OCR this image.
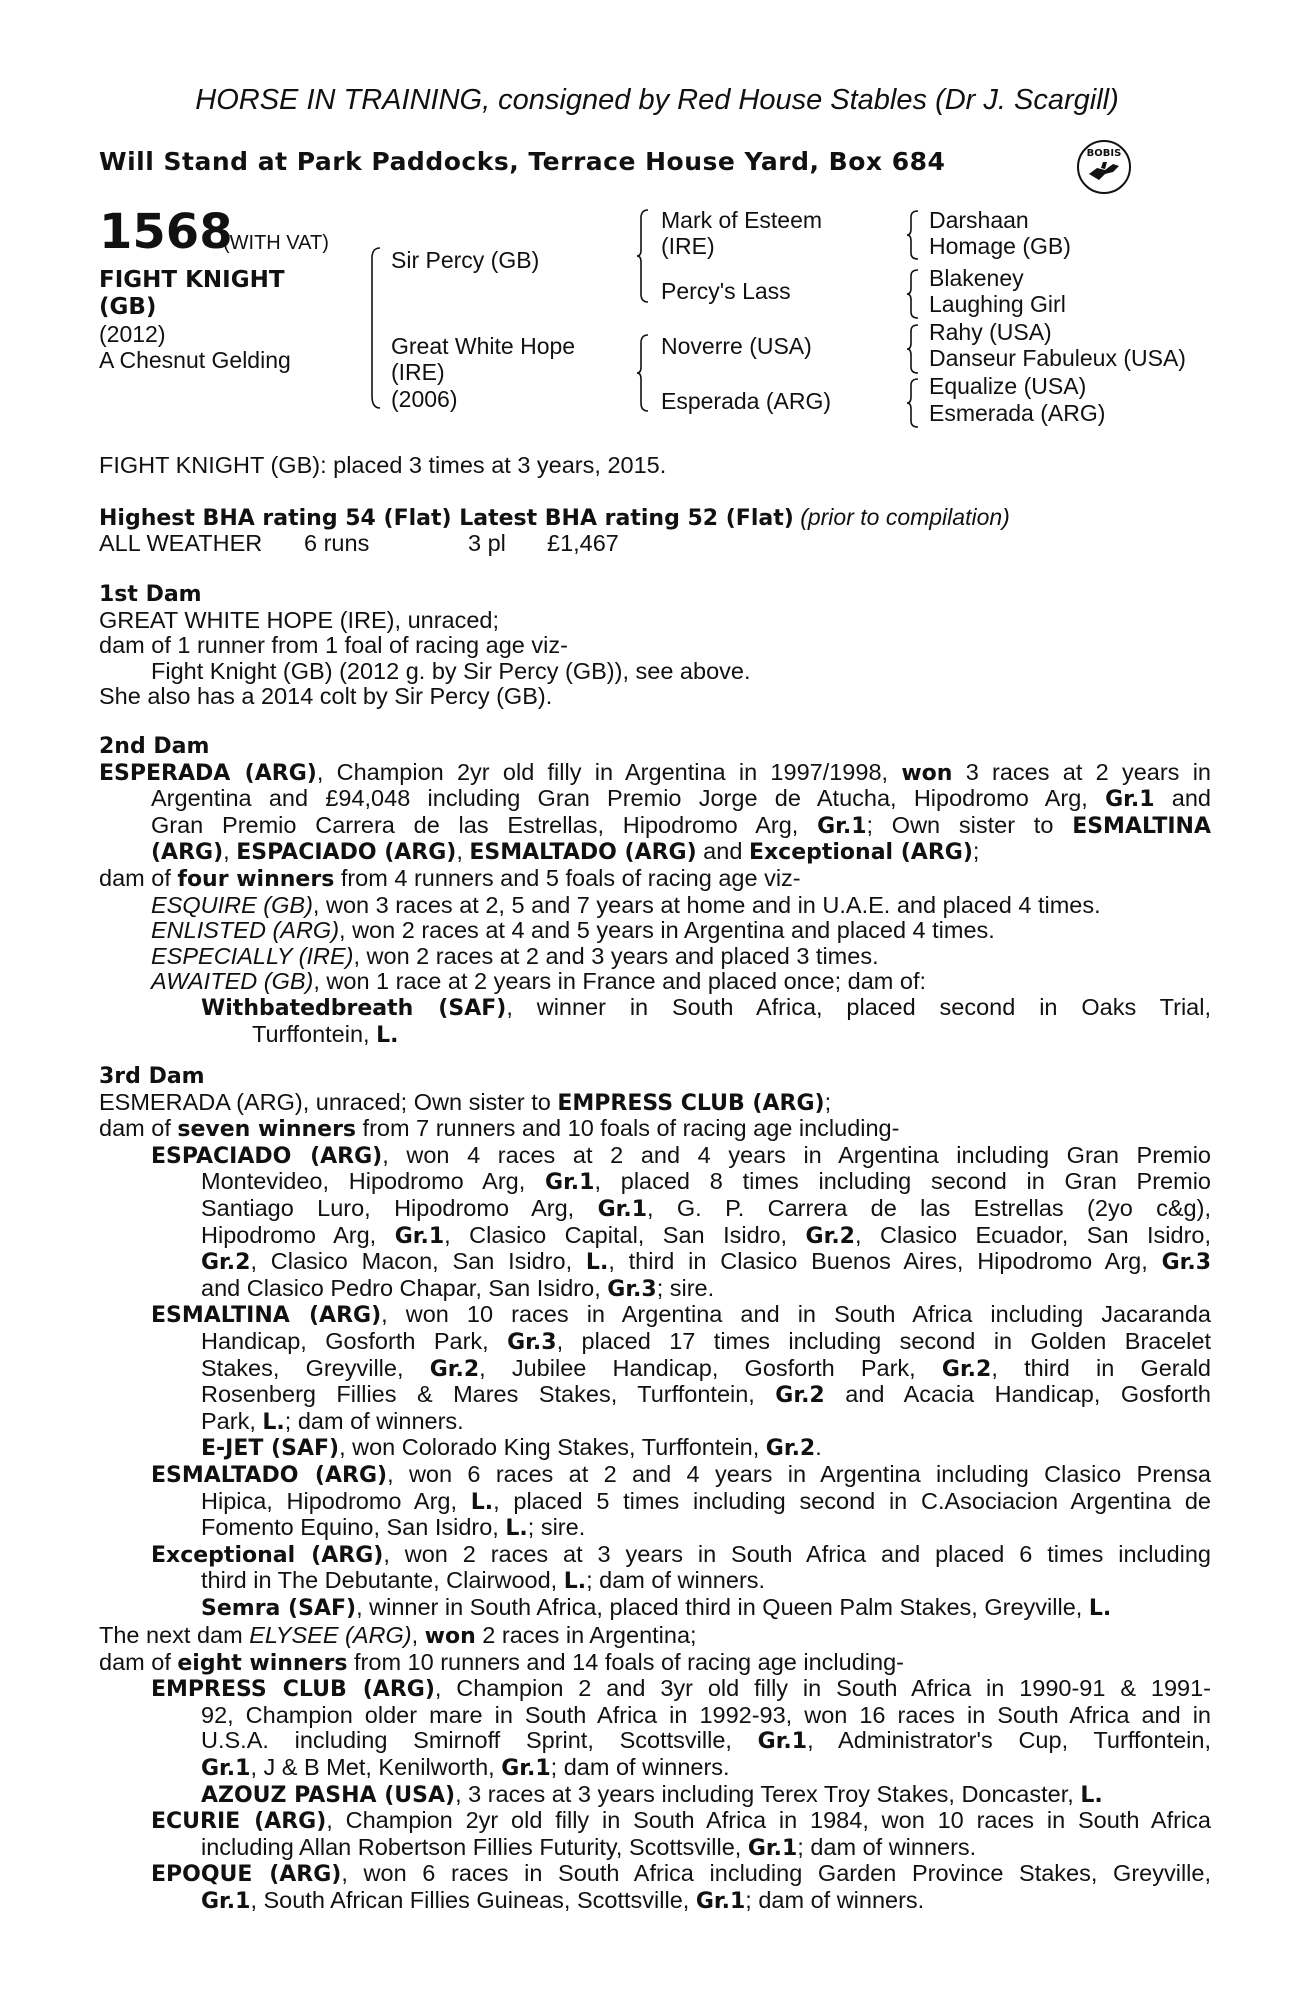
HORSE IN TRAINING, consigned by Red House Stables (Dr J. Scargill)
Will Stand at Park Paddocks, Terrace House Yard, Box 684	BOBIS
1568
(WITH VAT)
FIGHT KNIGHT
(GB)
(2012)
A Chesnut Gelding
Sir Percy (GB)
Great White Hope
(IRE)
(2006)
Mark of Esteem
(IRE)
Percy's Lass
Noverre (USA)
Esperada (ARG)
Darshaan
Homage (GB)
Blakeney
Laughing Girl
Rahy (USA)
Danseur Fabuleux (USA)
Equalize (USA)
Esmerada (ARG)
FIGHT KNIGHT (GB): placed 3 times at 3 years, 2015.
Highest BHA rating 54 (Flat) Latest BHA rating 52 (Flat) (prior to compilation)
ALL WEATHER 6 runs	3 pl £1,467

1st Dam

GREAT WHITE HOPE (IRE), unraced;

dam of 1 runner from 1 foal of racing age viz-

Fight Knight (GB) (2012 g. by Sir Percy (GB)), see above.

She also has a 2014 colt by Sir Percy (GB).

2nd Dam

ESPERADA (ARG), Champion 2yr old filly in Argentina in 1997/1998, won 3 races at 2 years in

Argentina and £94,048 including Gran Premio Jorge de Atucha, Hipodromo Arg, Gr.1 and

Gran Premio Carrera de las Estrellas, Hipodromo Arg, Gr.1; Own sister to ESMALTINA

(ARG), ESPACIADO (ARG), ESMALTADO (ARG) and Exceptional (ARG);

dam of four winners from 4 runners and 5 foals of racing age viz-

ESQUIRE (GB), won 3 races at 2, 5 and 7 years at home and in U.A.E. and placed 4 times.

ENLISTED (ARG), won 2 races at 4 and 5 years in Argentina and placed 4 times.

ESPECIALLY (IRE), won 2 races at 2 and 3 years and placed 3 times.

AWAITED (GB), won 1 race at 2 years in France and placed once; dam of:

Withbatedbreath (SAF), winner in South Africa, placed second in Oaks Trial,

Turffontein, L.

3rd Dam

ESMERADA (ARG), unraced; Own sister to EMPRESS CLUB (ARG);

dam of seven winners from 7 runners and 10 foals of racing age including-

ESPACIADO (ARG), won 4 races at 2 and 4 years in Argentina including Gran Premio

Montevideo, Hipodromo Arg, Gr.1, placed 8 times including second in Gran Premio

Santiago Luro, Hipodromo Arg, Gr.1, G. P. Carrera de las Estrellas (2yo c&g),

Hipodromo Arg, Gr.1, Clasico Capital, San Isidro, Gr.2, Clasico Ecuador, San Isidro,

Gr.2, Clasico Macon, San Isidro, L., third in Clasico Buenos Aires, Hipodromo Arg, Gr.3

and Clasico Pedro Chapar, San Isidro, Gr.3; sire.

ESMALTINA (ARG), won 10 races in Argentina and in South Africa including Jacaranda

Handicap, Gosforth Park, Gr.3, placed 17 times including second in Golden Bracelet

Stakes, Greyville, Gr.2, Jubilee Handicap, Gosforth Park, Gr.2, third in Gerald

Rosenberg Fillies & Mares Stakes, Turffontein, Gr.2 and Acacia Handicap, Gosforth

Park, L.; dam of winners.

E-JET (SAF), won Colorado King Stakes, Turffontein, Gr.2.

ESMALTADO (ARG), won 6 races at 2 and 4 years in Argentina including Clasico Prensa

Hipica, Hipodromo Arg, L., placed 5 times including second in C.Asociacion Argentina de

Fomento Equino, San Isidro, L.; sire.

Exceptional (ARG), won 2 races at 3 years in South Africa and placed 6 times including

third in The Debutante, Clairwood, L.; dam of winners.

Semra (SAF), winner in South Africa, placed third in Queen Palm Stakes, Greyville, L.

The next dam ELYSEE (ARG), won 2 races in Argentina;

dam of eight winners from 10 runners and 14 foals of racing age including-

EMPRESS CLUB (ARG), Champion 2 and 3yr old filly in South Africa in 1990-91 & 1991-

92, Champion older mare in South Africa in 1992-93, won 16 races in South Africa and in

U.S.A. including Smirnoff Sprint, Scottsville, Gr.1, Administrator's Cup, Turffontein,

Gr.1, J & B Met, Kenilworth, Gr.1; dam of winners.

AZOUZ PASHA (USA), 3 races at 3 years including Terex Troy Stakes, Doncaster, L.

ECURIE (ARG), Champion 2yr old filly in South Africa in 1984, won 10 races in South Africa

including Allan Robertson Fillies Futurity, Scottsville, Gr.1; dam of winners.

EPOQUE (ARG), won 6 races in South Africa including Garden Province Stakes, Greyville,

Gr.1, South African Fillies Guineas, Scottsville, Gr.1; dam of winners.
